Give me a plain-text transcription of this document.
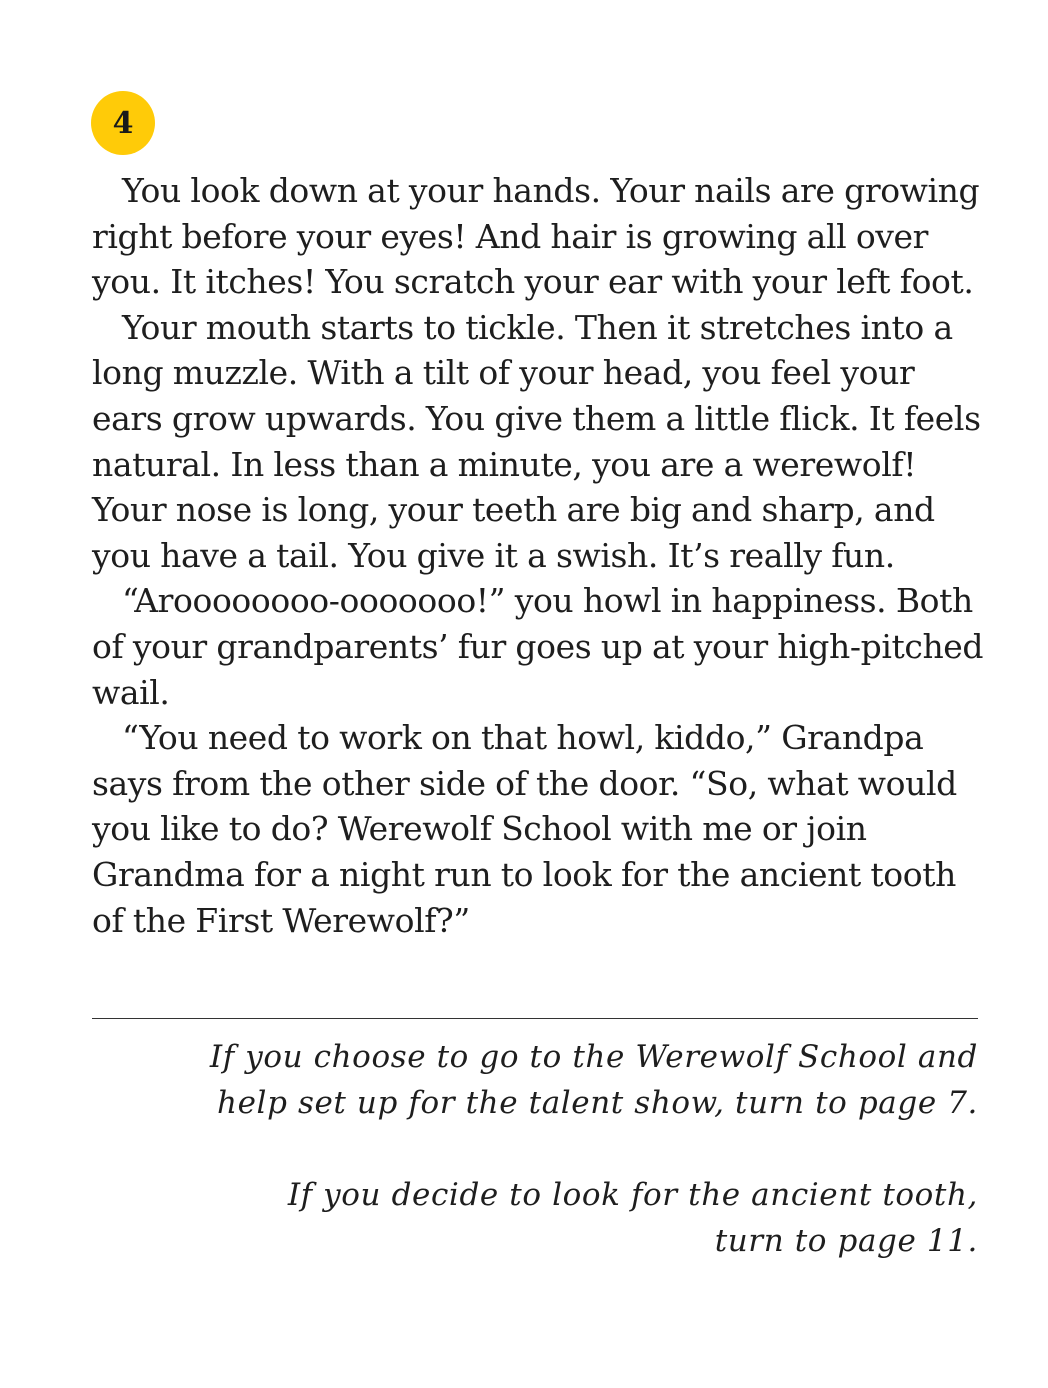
4

You look down at your hands. Your nails are growing right before your eyes! And hair is growing all over you. It itches! You scratch your ear with your left foot.

Your mouth starts to tickle. Then it stretches into a long muzzle. With a tilt of your head, you feel your ears grow upwards. You give them a little flick. It feels natural. In less than a minute, you are a werewolf! Your nose is long, your teeth are big and sharp, and you have a tail. You give it a swish. It’s really fun.

“Aroooooooo-ooooooo!” you howl in happiness. Both of your grandparents’ fur goes up at your high-pitched wail.

“You need to work on that howl, kiddo,” Grandpa says from the other side of the door. “So, what would you like to do? Werewolf School with me or join Grandma for a night run to look for the ancient tooth of the First Werewolf?”

If you choose to go to the Werewolf School and
help set up for the talent show, turn to page 7.

If you decide to look for the ancient tooth,
turn to page 11.
